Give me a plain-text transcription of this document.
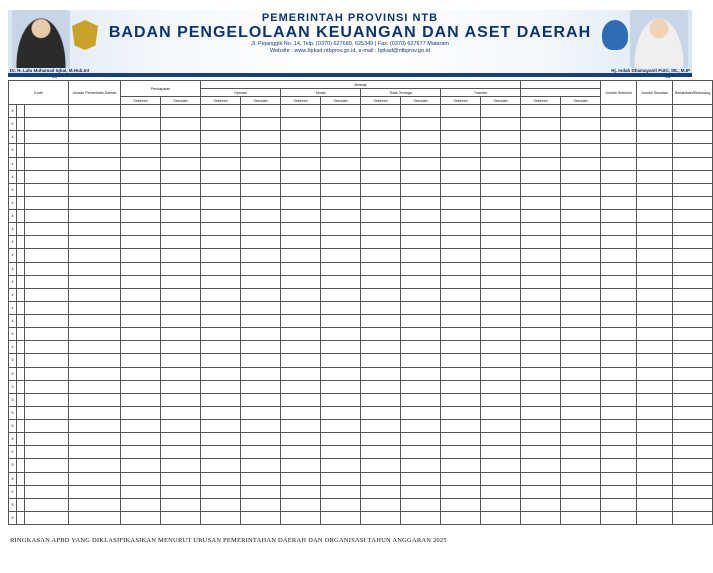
PEMERINTAH PROVINSI NTB
BADAN PENGELOLAAN KEUANGAN DAN ASET DAERAH
Jl. Pejanggik No. 14, Telp. (0370) 627689, 625349 | Fax. (0370) 627677 Mataram
Website : www.bpkad.ntbprov.go.id, e-mail : bpkad@ntbprov.go.id
Dr. H. Lalu Muhamad Iqbal, M.Hub.Int	Hj. Indah Dhamayanti Putri, SE., M.IP
Kode			Urusan Pemerintah Daerah	Pendapatan		Belanja										Jumlah Sebelum	Jumlah Sesudah	Bertambah/Berkurang
						Operasi		Modal		Tidak Terduga		Transfer						
				Sebelum	Sesudah	Sebelum	Sesudah	Sebelum	Sesudah	Sebelum	Sesudah	Sebelum	Sesudah	Sebelum	Sesudah			
5																		
5																		
4																		
4																		
4																		
4																		
4																		
4																		
4																		
4																		
4																		
4																		
4																		
4																		
4																		
4																		
4																		
4																		
4																		
5																		
5																		
5																		
5																		
5																		
5																		
5																		
5																		
5																		
5																		
5																		
5																		
5																		
RINGKASAN APBD YANG DIKLASIFIKASIKAN MENURUT URUSAN PEMERINTAHAN DAERAH DAN ORGANISASI TAHUN ANGGARAN 2025
